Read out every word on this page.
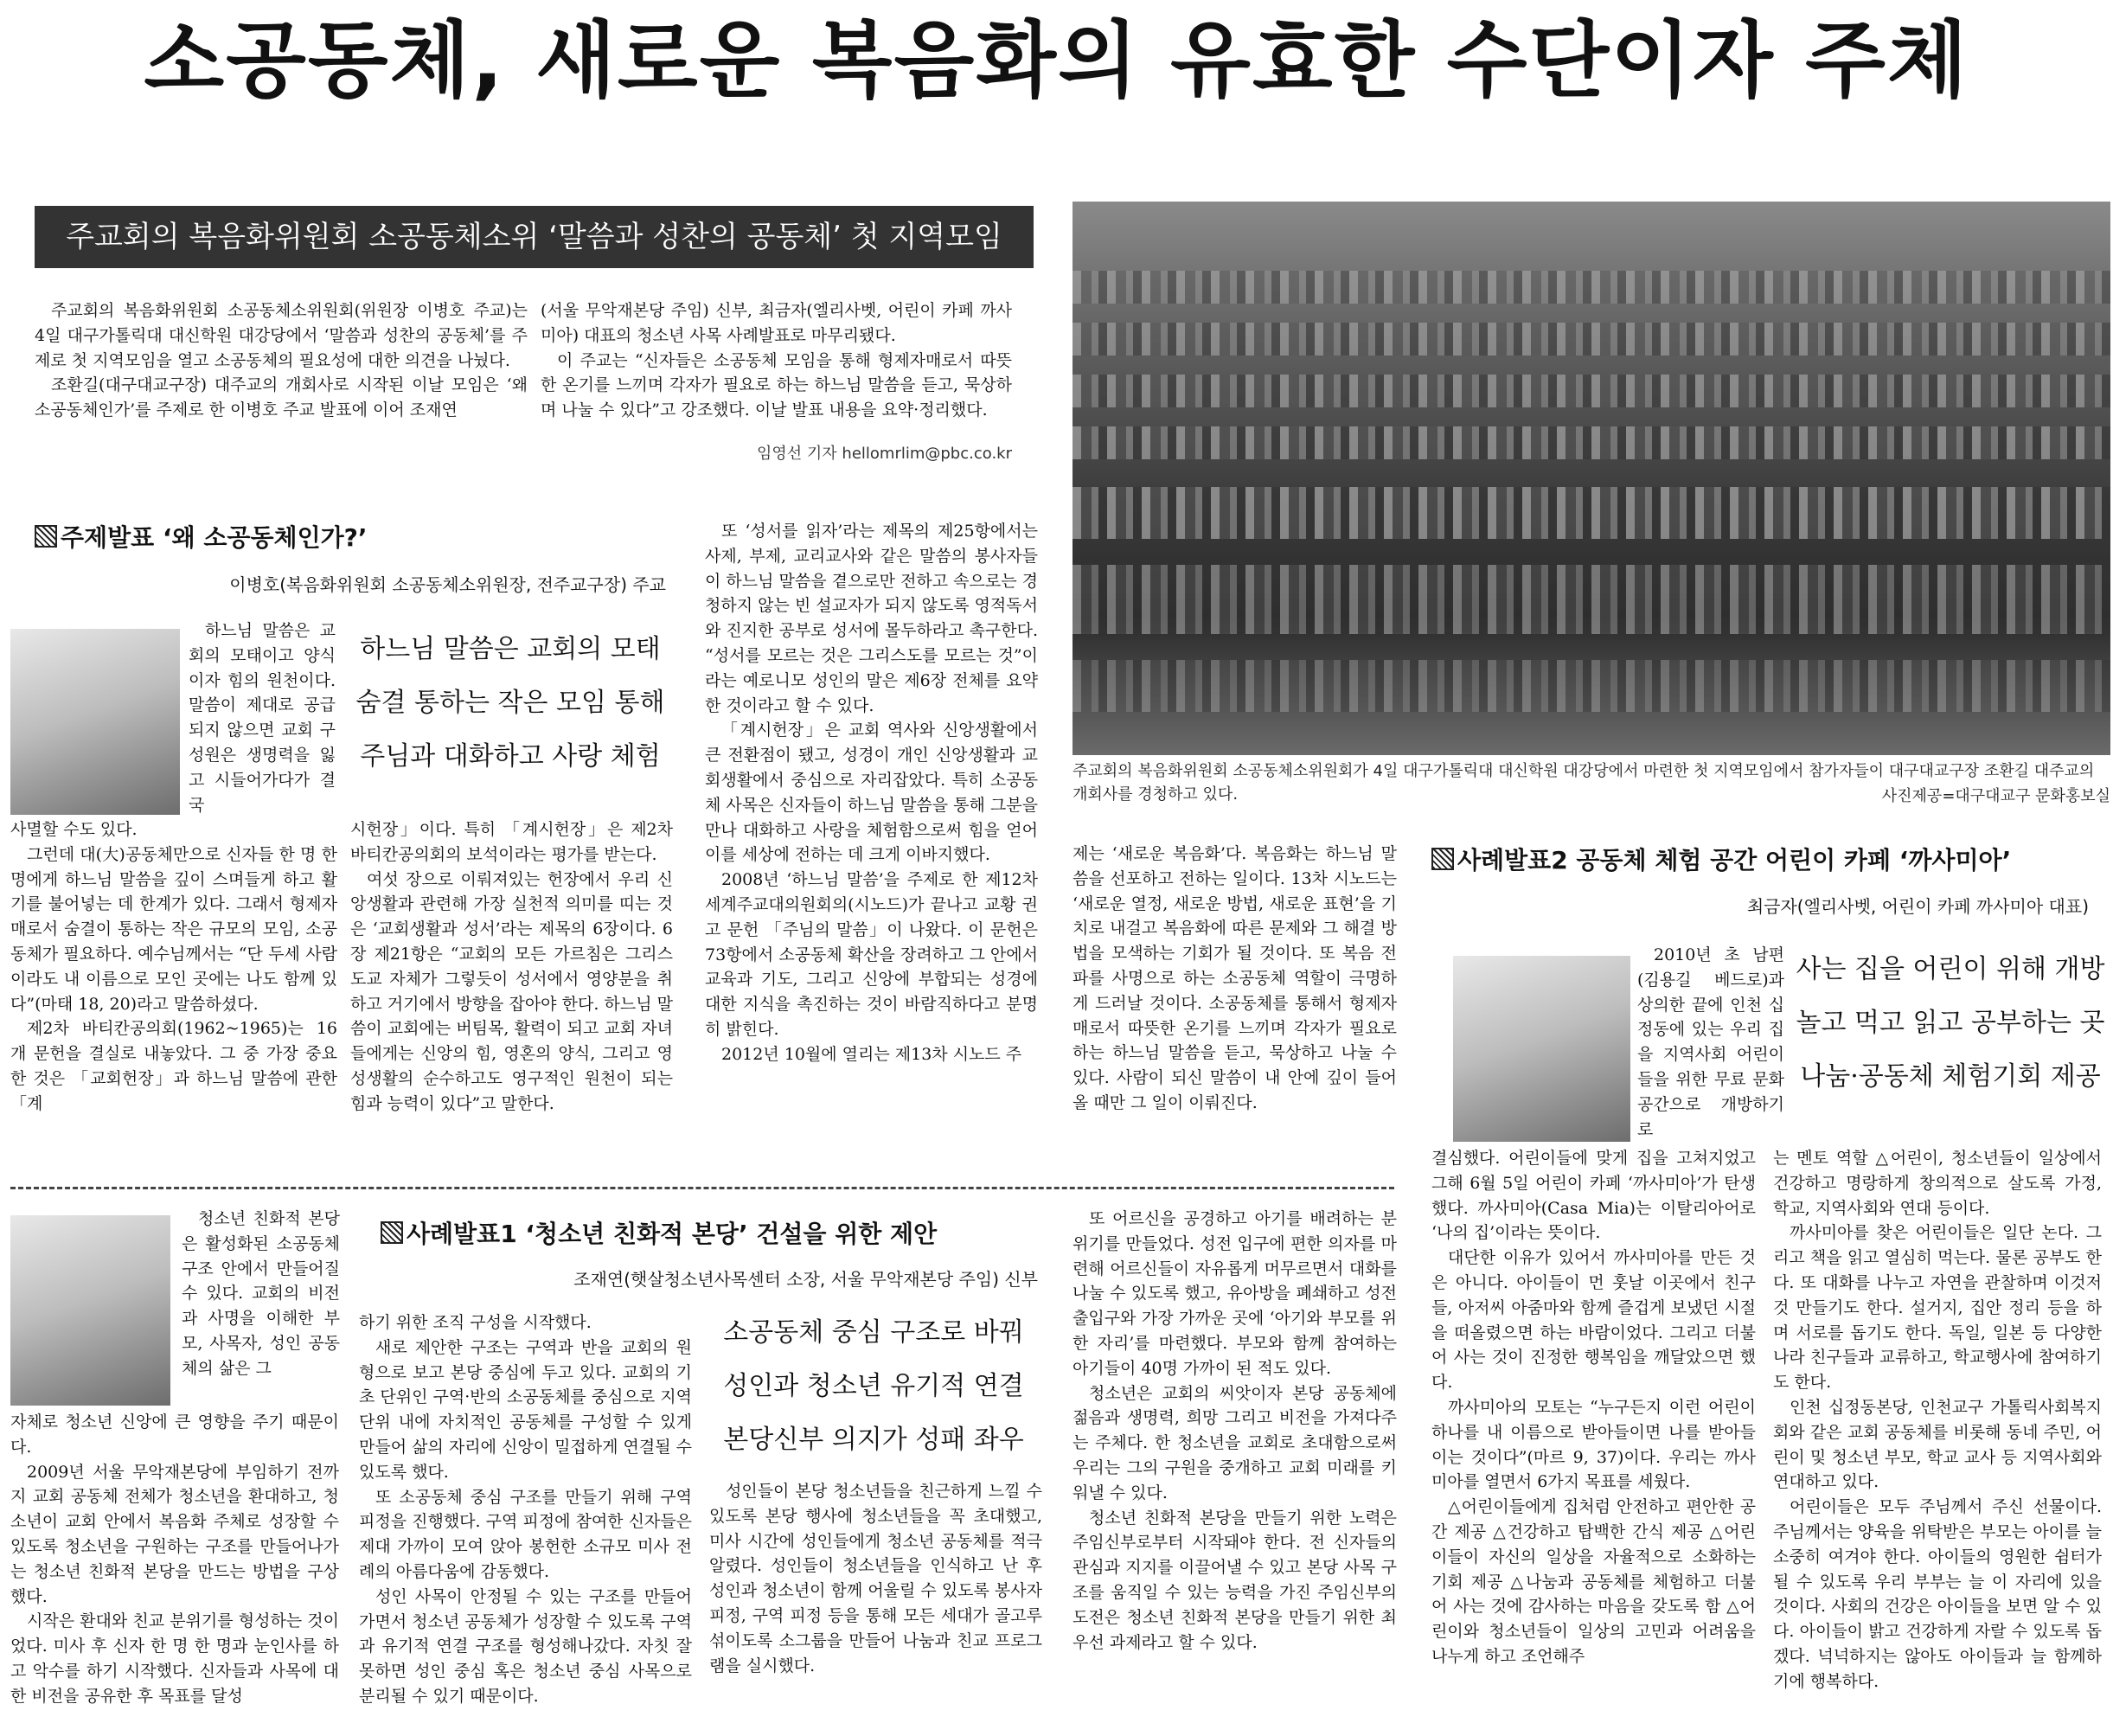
소공동체, 새로운 복음화의 유효한 수단이자 주체
주교회의 복음화위원회 소공동체소위 ‘말씀과 성찬의 공동체’ 첫 지역모임

주교회의 복음화위원회 소공동체소위원회(위원장 이병호 주교)는 4일 대구가톨릭대 대신학원 대강당에서 ‘말씀과 성찬의 공동체’를 주제로 첫 지역모임을 열고 소공동체의 필요성에 대한 의견을 나눴다.

조환길(대구대교구장) 대주교의 개회사로 시작된 이날 모임은 ‘왜 소공동체인가’를 주제로 한 이병호 주교 발표에 이어 조재연

(서울 무악재본당 주임) 신부, 최금자(엘리사벳, 어린이 카페 까사미아) 대표의 청소년 사목 사례발표로 마무리됐다.

이 주교는 “신자들은 소공동체 모임을 통해 형제자매로서 따뜻한 온기를 느끼며 각자가 필요로 하는 하느님 말씀을 듣고, 묵상하며 나눌 수 있다”고 강조했다. 이날 발표 내용을 요약·정리했다.

임영선 기자 hellomrlim@pbc.co.kr
주교회의 복음화위원회 소공동체소위원회가 4일 대구가톨릭대 대신학원 대강당에서 마련한 첫 지역모임에서 참가자들이 대구대교구장 조환길 대주교의 개회사를 경청하고 있다.	사진제공=대구대교구 문화홍보실
주제발표 ‘왜 소공동체인가?’
이병호(복음화위원회 소공동체소위원장, 전주교구장) 주교

하느님 말씀은 교회의 모태이고 양식이자 힘의 원천이다. 말씀이 제대로 공급되지 않으면 교회 구성원은 생명력을 잃고 시들어가다가 결국

하느님 말씀은 교회의 모태
숨결 통하는 작은 모임 통해
주님과 대화하고 사랑 체험

사멸할 수도 있다.

그런데 대(大)공동체만으로 신자들 한 명 한 명에게 하느님 말씀을 깊이 스며들게 하고 활기를 불어넣는 데 한계가 있다. 그래서 형제자매로서 숨결이 통하는 작은 규모의 모임, 소공동체가 필요하다. 예수님께서는 “단 두세 사람이라도 내 이름으로 모인 곳에는 나도 함께 있다”(마태 18, 20)라고 말씀하셨다.

제2차 바티칸공의회(1962~1965)는 16개 문헌을 결실로 내놓았다. 그 중 가장 중요한 것은 「교회헌장」과 하느님 말씀에 관한 「계

시헌장」이다. 특히 「계시헌장」은 제2차 바티칸공의회의 보석이라는 평가를 받는다.

여섯 장으로 이뤄져있는 헌장에서 우리 신앙생활과 관련해 가장 실천적 의미를 띠는 것은 ‘교회생활과 성서’라는 제목의 6장이다. 6장 제21항은 “교회의 모든 가르침은 그리스도교 자체가 그렇듯이 성서에서 영양분을 취하고 거기에서 방향을 잡아야 한다. 하느님 말씀이 교회에는 버팀목, 활력이 되고 교회 자녀들에게는 신앙의 힘, 영혼의 양식, 그리고 영성생활의 순수하고도 영구적인 원천이 되는 힘과 능력이 있다”고 말한다.

또 ‘성서를 읽자’라는 제목의 제25항에서는 사제, 부제, 교리교사와 같은 말씀의 봉사자들이 하느님 말씀을 곁으로만 전하고 속으로는 경청하지 않는 빈 설교자가 되지 않도록 영적독서와 진지한 공부로 성서에 몰두하라고 촉구한다. “성서를 모르는 것은 그리스도를 모르는 것”이라는 예로니모 성인의 말은 제6장 전체를 요약한 것이라고 할 수 있다.

「계시헌장」은 교회 역사와 신앙생활에서 큰 전환점이 됐고, 성경이 개인 신앙생활과 교회생활에서 중심으로 자리잡았다. 특히 소공동체 사목은 신자들이 하느님 말씀을 통해 그분을 만나 대화하고 사랑을 체험함으로써 힘을 얻어 이를 세상에 전하는 데 크게 이바지했다.

2008년 ‘하느님 말씀’을 주제로 한 제12차 세계주교대의원회의(시노드)가 끝나고 교황 권고 문헌 「주님의 말씀」이 나왔다. 이 문헌은 73항에서 소공동체 확산을 장려하고 그 안에서 교육과 기도, 그리고 신앙에 부합되는 성경에 대한 지식을 촉진하는 것이 바람직하다고 분명히 밝힌다.

2012년 10월에 열리는 제13차 시노드 주

제는 ‘새로운 복음화’다. 복음화는 하느님 말씀을 선포하고 전하는 일이다. 13차 시노드는 ‘새로운 열정, 새로운 방법, 새로운 표현’을 기치로 내걸고 복음화에 따른 문제와 그 해결 방법을 모색하는 기회가 될 것이다. 또 복음 전파를 사명으로 하는 소공동체 역할이 극명하게 드러날 것이다. 소공동체를 통해서 형제자매로서 따뜻한 온기를 느끼며 각자가 필요로 하는 하느님 말씀을 듣고, 묵상하고 나눌 수 있다. 사람이 되신 말씀이 내 안에 깊이 들어올 때만 그 일이 이뤄진다.

사례발표2 공동체 체험 공간 어린이 카페 ‘까사미아’
최금자(엘리사벳, 어린이 카페 까사미아 대표)

2010년 초 남편(김용길 베드로)과 상의한 끝에 인천 십정동에 있는 우리 집을 지역사회 어린이들을 위한 무료 문화공간으로 개방하기로

사는 집을 어린이 위해 개방
놀고 먹고 읽고 공부하는 곳
나눔·공동체 체험기회 제공

결심했다. 어린이들에 맞게 집을 고쳐지었고 그해 6월 5일 어린이 카페 ‘까사미아’가 탄생했다. 까사미아(Casa Mia)는 이탈리아어로 ‘나의 집’이라는 뜻이다.

대단한 이유가 있어서 까사미아를 만든 것은 아니다. 아이들이 먼 훗날 이곳에서 친구들, 아저씨 아줌마와 함께 즐겁게 보냈던 시절을 떠올렸으면 하는 바람이었다. 그리고 더불어 사는 것이 진정한 행복임을 깨달았으면 했다.

까사미아의 모토는 “누구든지 이런 어린이 하나를 내 이름으로 받아들이면 나를 받아들이는 것이다”(마르 9, 37)이다. 우리는 까사미아를 열면서 6가지 목표를 세웠다.

△어린이들에게 집처럼 안전하고 편안한 공간 제공 △건강하고 탑백한 간식 제공 △어린이들이 자신의 일상을 자율적으로 소화하는 기회 제공 △나눔과 공동체를 체험하고 더불어 사는 것에 감사하는 마음을 갖도록 함 △어린이와 청소년들이 일상의 고민과 어려움을 나누게 하고 조언해주

는 멘토 역할 △어린이, 청소년들이 일상에서 건강하고 명랑하게 창의적으로 살도록 가정, 학교, 지역사회와 연대 등이다.

까사미아를 찾은 어린이들은 일단 논다. 그리고 책을 읽고 열심히 먹는다. 물론 공부도 한다. 또 대화를 나누고 자연을 관찰하며 이것저것 만들기도 한다. 설거지, 집안 정리 등을 하며 서로를 돕기도 한다. 독일, 일본 등 다양한 나라 친구들과 교류하고, 학교행사에 참여하기도 한다.

인천 십정동본당, 인천교구 가톨릭사회복지회와 같은 교회 공동체를 비롯해 동네 주민, 어린이 및 청소년 부모, 학교 교사 등 지역사회와 연대하고 있다.

어린이들은 모두 주님께서 주신 선물이다. 주님께서는 양육을 위탁받은 부모는 아이를 늘 소중히 여겨야 한다. 아이들의 영원한 쉼터가 될 수 있도록 우리 부부는 늘 이 자리에 있을 것이다. 사회의 건강은 아이들을 보면 알 수 있다. 아이들이 밝고 건강하게 자랄 수 있도록 돕겠다. 넉넉하지는 않아도 아이들과 늘 함께하기에 행복하다.

청소년 친화적 본당은 활성화된 소공동체 구조 안에서 만들어질 수 있다. 교회의 비전과 사명을 이해한 부모, 사목자, 성인 공동체의 삶은 그

사례발표1 ‘청소년 친화적 본당’ 건설을 위한 제안
조재연(햇살청소년사목센터 소장, 서울 무악재본당 주임) 신부
소공동체 중심 구조로 바꿔
성인과 청소년 유기적 연결
본당신부 의지가 성패 좌우

자체로 청소년 신앙에 큰 영향을 주기 때문이다.

2009년 서울 무악재본당에 부임하기 전까지 교회 공동체 전체가 청소년을 환대하고, 청소년이 교회 안에서 복음화 주체로 성장할 수 있도록 청소년을 구원하는 구조를 만들어나가는 청소년 친화적 본당을 만드는 방법을 구상했다.

시작은 환대와 친교 분위기를 형성하는 것이었다. 미사 후 신자 한 명 한 명과 눈인사를 하고 악수를 하기 시작했다. 신자들과 사목에 대한 비전을 공유한 후 목표를 달성

하기 위한 조직 구성을 시작했다.

새로 제안한 구조는 구역과 반을 교회의 원형으로 보고 본당 중심에 두고 있다. 교회의 기초 단위인 구역·반의 소공동체를 중심으로 지역 단위 내에 자치적인 공동체를 구성할 수 있게 만들어 삶의 자리에 신앙이 밀접하게 연결될 수 있도록 했다.

또 소공동체 중심 구조를 만들기 위해 구역 피정을 진행했다. 구역 피정에 참여한 신자들은 제대 가까이 모여 앉아 봉헌한 소규모 미사 전례의 아름다움에 감동했다.

성인 사목이 안정될 수 있는 구조를 만들어가면서 청소년 공동체가 성장할 수 있도록 구역과 유기적 연결 구조를 형성해나갔다. 자칫 잘못하면 성인 중심 혹은 청소년 중심 사목으로 분리될 수 있기 때문이다.

성인들이 본당 청소년들을 친근하게 느낄 수 있도록 본당 행사에 청소년들을 꼭 초대했고, 미사 시간에 성인들에게 청소년 공동체를 적극 알렸다. 성인들이 청소년들을 인식하고 난 후 성인과 청소년이 함께 어울릴 수 있도록 봉사자 피정, 구역 피정 등을 통해 모든 세대가 골고루 섞이도록 소그룹을 만들어 나눔과 친교 프로그램을 실시했다.

또 어르신을 공경하고 아기를 배려하는 분위기를 만들었다. 성전 입구에 편한 의자를 마련해 어르신들이 자유롭게 머무르면서 대화를 나눌 수 있도록 했고, 유아방을 폐쇄하고 성전 출입구와 가장 가까운 곳에 ‘아기와 부모를 위한 자리’를 마련했다. 부모와 함께 참여하는 아기들이 40명 가까이 된 적도 있다.

청소년은 교회의 씨앗이자 본당 공동체에 젊음과 생명력, 희망 그리고 비전을 가져다주는 주체다. 한 청소년을 교회로 초대함으로써 우리는 그의 구원을 중개하고 교회 미래를 키워낼 수 있다.

청소년 친화적 본당을 만들기 위한 노력은 주임신부로부터 시작돼야 한다. 전 신자들의 관심과 지지를 이끌어낼 수 있고 본당 사목 구조를 움직일 수 있는 능력을 가진 주임신부의 도전은 청소년 친화적 본당을 만들기 위한 최우선 과제라고 할 수 있다.
